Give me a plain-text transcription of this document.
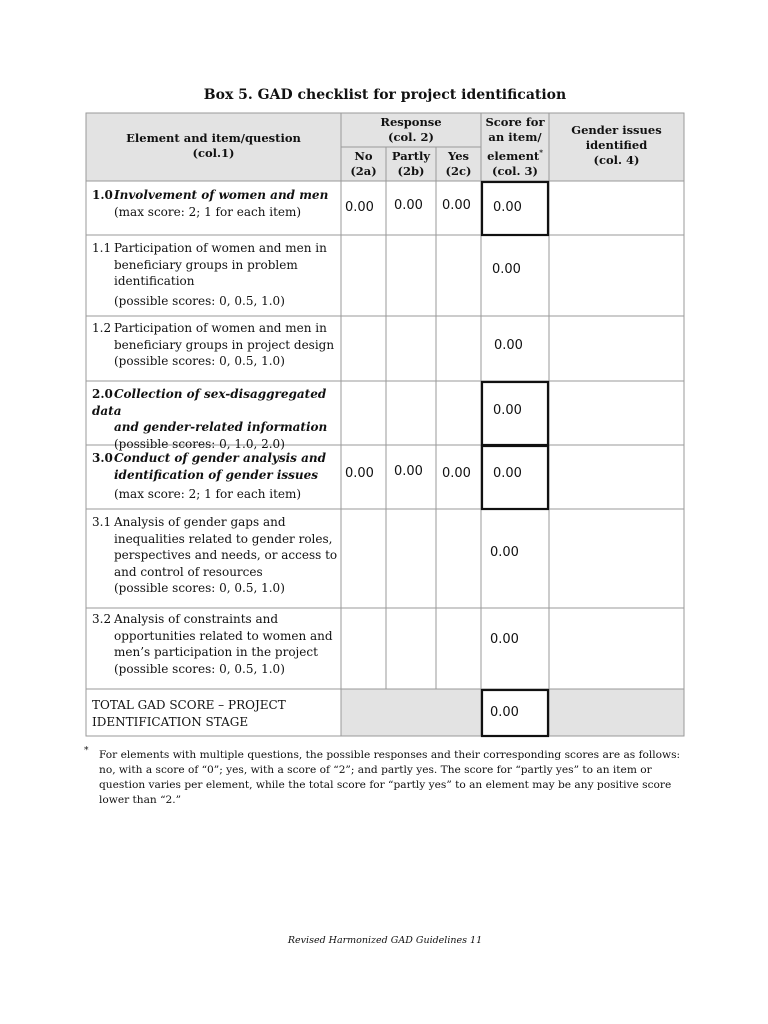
Box 5. GAD checklist for project identification
Element and item/question
(col.1)
Response
(col. 2)
No
(2a)
Partly
(2b)
Yes
(2c)
Score for
an item/
element*
(col. 3)
Gender issues
identified
(col. 4)
1.0Involvement of women and men
(max score: 2; 1 for each item)	0.00 0.00 0.00 0.00
1.1 Participation of women and men in
beneficiary groups in problem
identification
(possible scores: 0, 0.5, 1.0)
0.00
1.2 Participation of women and men in
beneficiary groups in project design
(possible scores: 0, 0.5, 1.0)
0.00
2.0Collection of sex-disaggregated data
and gender-related information
(possible scores: 0, 1.0, 2.0)
0.00
3.0Conduct of gender analysis and
identification of gender issues
(max score: 2; 1 for each item)
0.00 0.00 0.00 0.00
3.1 Analysis of gender gaps and
inequalities related to gender roles,
perspectives and needs, or access to
and control of resources
(possible scores: 0, 0.5, 1.0)
0.00
3.2 Analysis of constraints and
opportunities related to women and
men’s participation in the project
(possible scores: 0, 0.5, 1.0)
0.00
TOTAL GAD SCORE – PROJECT
IDENTIFICATION STAGE
0.00
* For elements with multiple questions, the possible responses and their corresponding scores are as follows: no, with a score of “0”; yes, with a score of “2”; and partly yes. The score for “partly yes” to an item or question varies per element, while the total score for “partly yes” to an element may be any positive score lower than “2.”
Revised Harmonized GAD Guidelines 11
